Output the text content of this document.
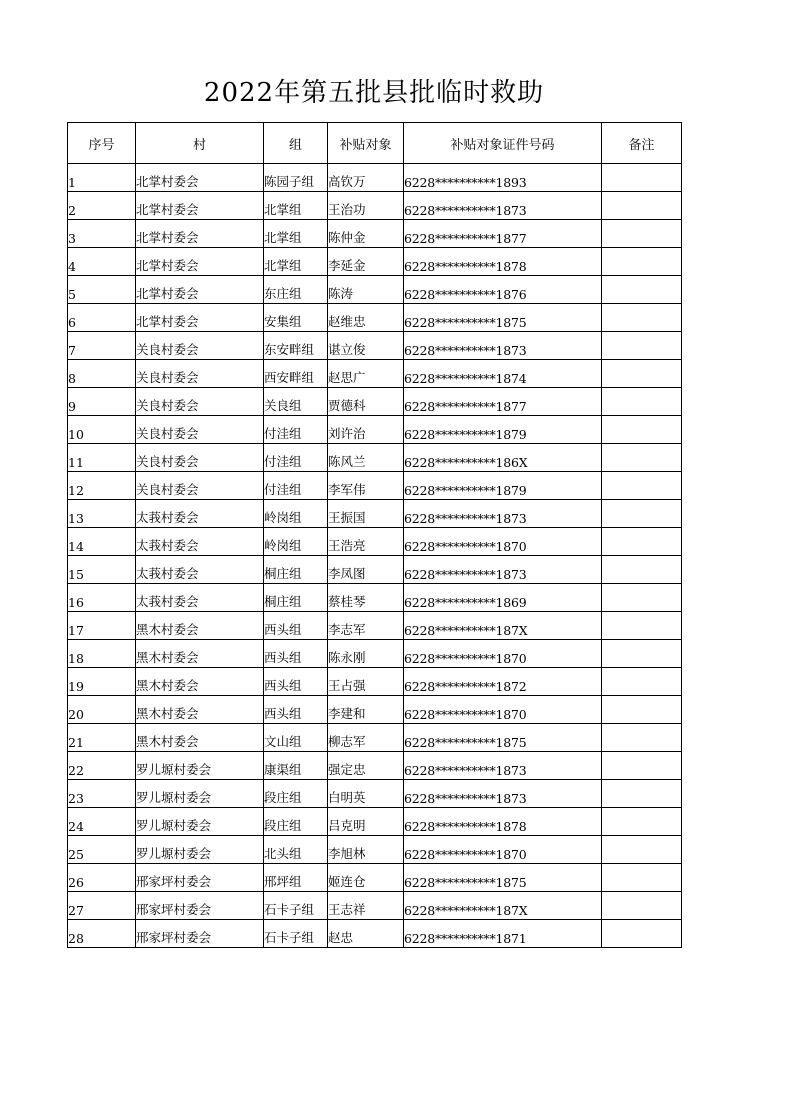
2022年第五批县批临时救助
序号	村	组	补贴对象	补贴对象证件号码	备注
1	北掌村委会	陈园子组	高钦万	6228**********1893	
2	北掌村委会	北掌组	王治功	6228**********1873	
3	北掌村委会	北掌组	陈仲金	6228**********1877	
4	北掌村委会	北掌组	李延金	6228**********1878	
5	北掌村委会	东庄组	陈涛	6228**********1876	
6	北掌村委会	安集组	赵维忠	6228**********1875	
7	关良村委会	东安畔组	谌立俊	6228**********1873	
8	关良村委会	西安畔组	赵思广	6228**********1874	
9	关良村委会	关良组	贾德科	6228**********1877	
10	关良村委会	付洼组	刘许治	6228**********1879	
11	关良村委会	付洼组	陈风兰	6228**********186X	
12	关良村委会	付洼组	李军伟	6228**********1879	
13	太莪村委会	岭岗组	王振国	6228**********1873	
14	太莪村委会	岭岗组	王浩亮	6228**********1870	
15	太莪村委会	桐庄组	李凤图	6228**********1873	
16	太莪村委会	桐庄组	蔡桂琴	6228**********1869	
17	黑木村委会	西头组	李志军	6228**********187X	
18	黑木村委会	西头组	陈永刚	6228**********1870	
19	黑木村委会	西头组	王占强	6228**********1872	
20	黑木村委会	西头组	李建和	6228**********1870	
21	黑木村委会	文山组	柳志军	6228**********1875	
22	罗儿塬村委会	康渠组	强定忠	6228**********1873	
23	罗儿塬村委会	段庄组	白明英	6228**********1873	
24	罗儿塬村委会	段庄组	吕克明	6228**********1878	
25	罗儿塬村委会	北头组	李旭林	6228**********1870	
26	邢家坪村委会	邢坪组	姬连仓	6228**********1875	
27	邢家坪村委会	石卡子组	王志祥	6228**********187X	
28	邢家坪村委会	石卡子组	赵忠	6228**********1871	
